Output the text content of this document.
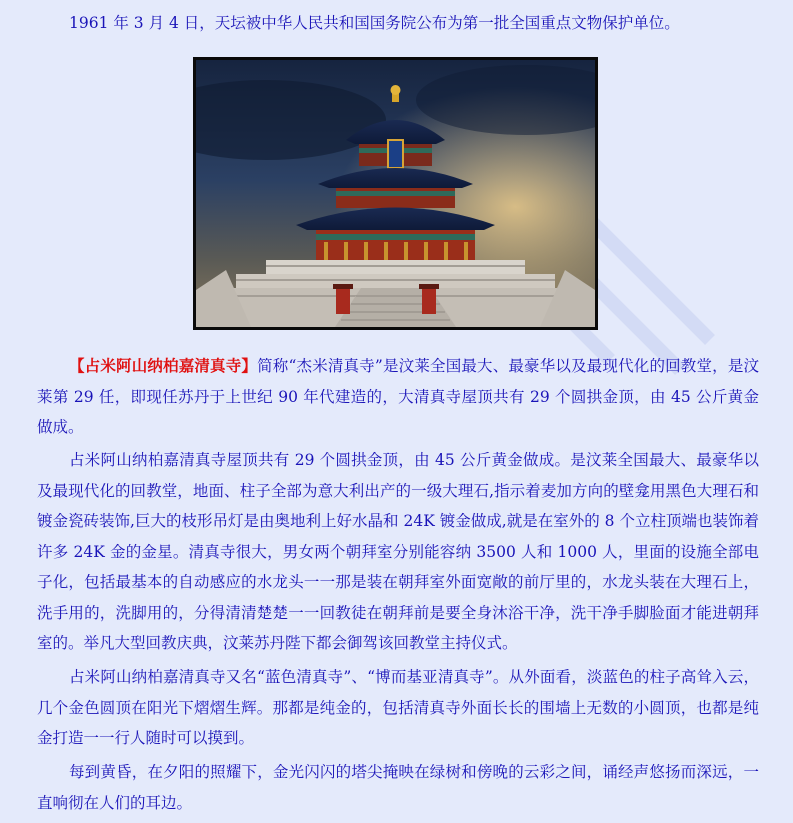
1961 年 3 月 4 日，天坛被中华人民共和国国务院公布为第一批全国重点文物保护单位。

【占米阿山纳柏嘉清真寺】简称“杰米清真寺”是汶莱全国最大、最豪华以及最现代化的回教堂，是汶莱第 29 任，即现任苏丹于上世纪 90 年代建造的，大清真寺屋顶共有 29 个圆拱金顶，由 45 公斤黄金做成。

占米阿山纳柏嘉清真寺屋顶共有 29 个圆拱金顶，由 45 公斤黄金做成。是汶莱全国最大、最豪华以及最现代化的回教堂，地面、柱子全部为意大利出产的一级大理石,指示着麦加方向的壁龛用黑色大理石和镀金瓷砖装饰,巨大的枝形吊灯是由奥地利上好水晶和 24K 镀金做成,就是在室外的 8 个立柱顶端也装饰着许多 24K 金的金星。清真寺很大，男女两个朝拜室分别能容纳 3500 人和 1000 人，里面的设施全部电子化，包括最基本的自动感应的水龙头一一那是装在朝拜室外面宽敞的前厅里的，水龙头装在大理石上，洗手用的，洗脚用的，分得清清楚楚一一回教徒在朝拜前是要全身沐浴干净，洗干净手脚脸面才能进朝拜室的。举凡大型回教庆典，汶莱苏丹陛下都会御驾该回教堂主持仪式。

占米阿山纳柏嘉清真寺又名“蓝色清真寺”、“博而基亚清真寺”。从外面看，淡蓝色的柱子高耸入云，几个金色圆顶在阳光下熠熠生辉。那都是纯金的，包括清真寺外面长长的围墙上无数的小圆顶，也都是纯金打造一一行人随时可以摸到。

每到黄昏，在夕阳的照耀下，金光闪闪的塔尖掩映在绿树和傍晚的云彩之间，诵经声悠扬而深远，一直响彻在人们的耳边。
